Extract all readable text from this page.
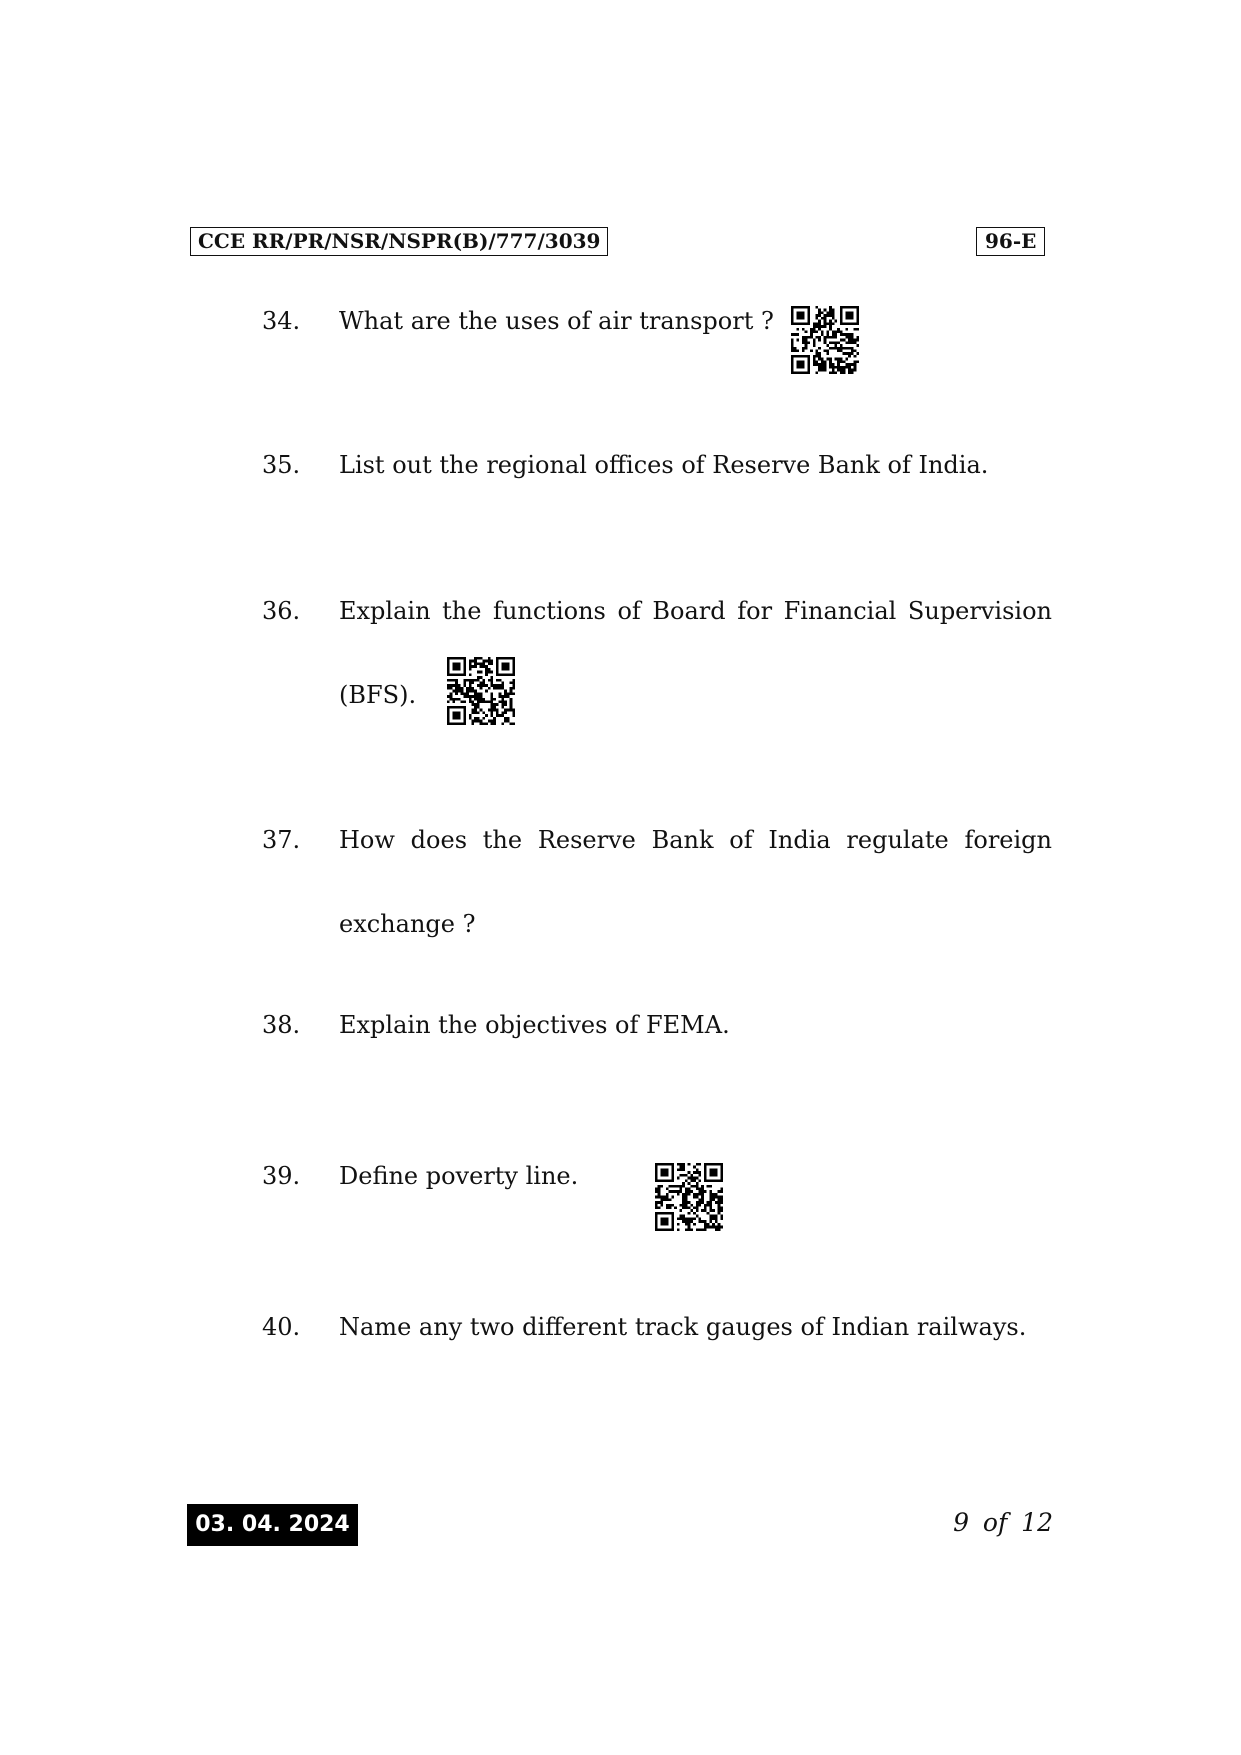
CCE RR/PR/NSR/NSPR(B)/777/3039	96-E
34. What are the uses of air transport ?
35. List out the regional offices of Reserve Bank of India.
36. Explain the functions of Board for Financial Supervision
(BFS).
37. How does the Reserve Bank of India regulate foreign
exchange ?
38. Explain the objectives of FEMA.
39. Define poverty line.
40. Name any two different track gauges of Indian railways.
03. 04. 2024	9 of 12
